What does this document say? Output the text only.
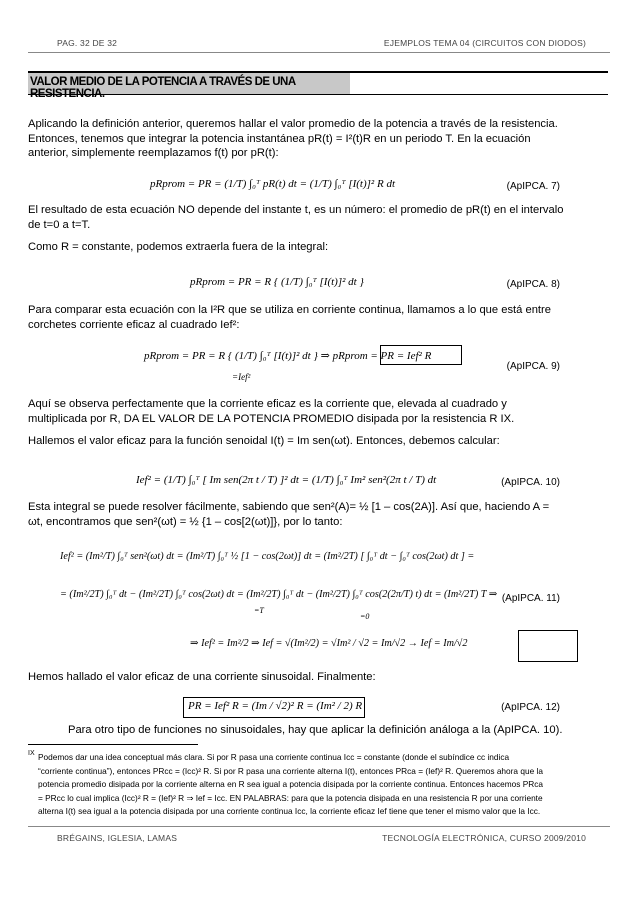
PAG. 32 DE 32	EJEMPLOS TEMA 04 (CIRCUITOS CON DIODOS)
VALOR MEDIO DE LA POTENCIA A TRAVÉS DE UNA RESISTENCIA.
Aplicando la definición anterior, queremos hallar el valor promedio de la potencia a través de la resistencia.
Entonces, tenemos que integrar la potencia instantánea pR(t) = I²(t)R en un periodo T. En la ecuación
anterior, simplemente reemplazamos f(t) por pR(t):
pRprom = PR = (1/T) ∫₀ᵀ pR(t) dt = (1/T) ∫₀ᵀ [I(t)]² R dt	(ApIPCA. 7)
El resultado de esta ecuación NO depende del instante t, es un número: el promedio de pR(t) en el intervalo
de t=0 a t=T.
Como R = constante, podemos extraerla fuera de la integral:
pRprom = PR = R { (1/T) ∫₀ᵀ [I(t)]² dt }	(ApIPCA. 8)
Para comparar esta ecuación con la I²R que se utiliza en corriente continua, llamamos a lo que está entre
corchetes corriente eficaz al cuadrado Ief²:
pRprom = PR = R { (1/T) ∫₀ᵀ [I(t)]² dt } ⇒ pRprom = PR = Ief² R
=Ief²
(ApIPCA. 9)
Aquí se observa perfectamente que la corriente eficaz es la corriente que, elevada al cuadrado y
multiplicada por R, DA EL VALOR DE LA POTENCIA PROMEDIO disipada por la resistencia R IX.
Hallemos el valor eficaz para la función senoidal I(t) = Im sen(ωt). Entonces, debemos calcular:
Ief² = (1/T) ∫₀ᵀ [ Im sen(2π t / T) ]² dt = (1/T) ∫₀ᵀ Im² sen²(2π t / T) dt	(ApIPCA. 10)
Esta integral se puede resolver fácilmente, sabiendo que sen²(A)= ½ [1 – cos(2A)]. Así que, haciendo A =
ωt, encontramos que sen²(ωt) = ½ {1 – cos[2(ωt)]}, por lo tanto:
Ief² = (Im²/T) ∫₀ᵀ sen²(ωt) dt = (Im²/T) ∫₀ᵀ ½ [1 − cos(2ωt)] dt = (Im²/2T) [ ∫₀ᵀ dt − ∫₀ᵀ cos(2ωt) dt ] =
= (Im²/2T) ∫₀ᵀ dt − (Im²/2T) ∫₀ᵀ cos(2ωt) dt = (Im²/2T) ∫₀ᵀ dt − (Im²/2T) ∫₀ᵀ cos(2(2π/T) t) dt = (Im²/2T) T ⇒
=T
=0
(ApIPCA. 11)
⇒ Ief² = Im²/2 ⇒ Ief = √(Im²/2) = √Im² / √2 = Im/√2 → Ief = Im/√2
Hemos hallado el valor eficaz de una corriente sinusoidal. Finalmente:
PR = Ief² R = (Im / √2)² R = (Im² / 2) R	(ApIPCA. 12)
Para otro tipo de funciones no sinusoidales, hay que aplicar la definición análoga a la (ApIPCA. 10).
IX Podemos dar una idea conceptual más clara. Si por R pasa una corriente continua Icc = constante (donde el subíndice cc indica
“corriente continua”), entonces PRcc = (Icc)² R. Si por R pasa una corriente alterna I(t), entonces PRca = (Ief)² R. Queremos ahora que la
potencia promedio disipada por la corriente alterna en R sea igual a potencia disipada por la corriente continua. Entonces hacemos PRca
= PRcc lo cual implica (Icc)² R = (Ief)² R ⇒ Ief = Icc. EN PALABRAS: para que la potencia disipada en una resistencia R por una corriente
alterna I(t) sea igual a la potencia disipada por una corriente continua Icc, la corriente eficaz Ief tiene que tener el mismo valor que la Icc.
BRÉGAINS, IGLESIA, LAMAS	TECNOLOGÍA ELECTRÓNICA, CURSO 2009/2010
